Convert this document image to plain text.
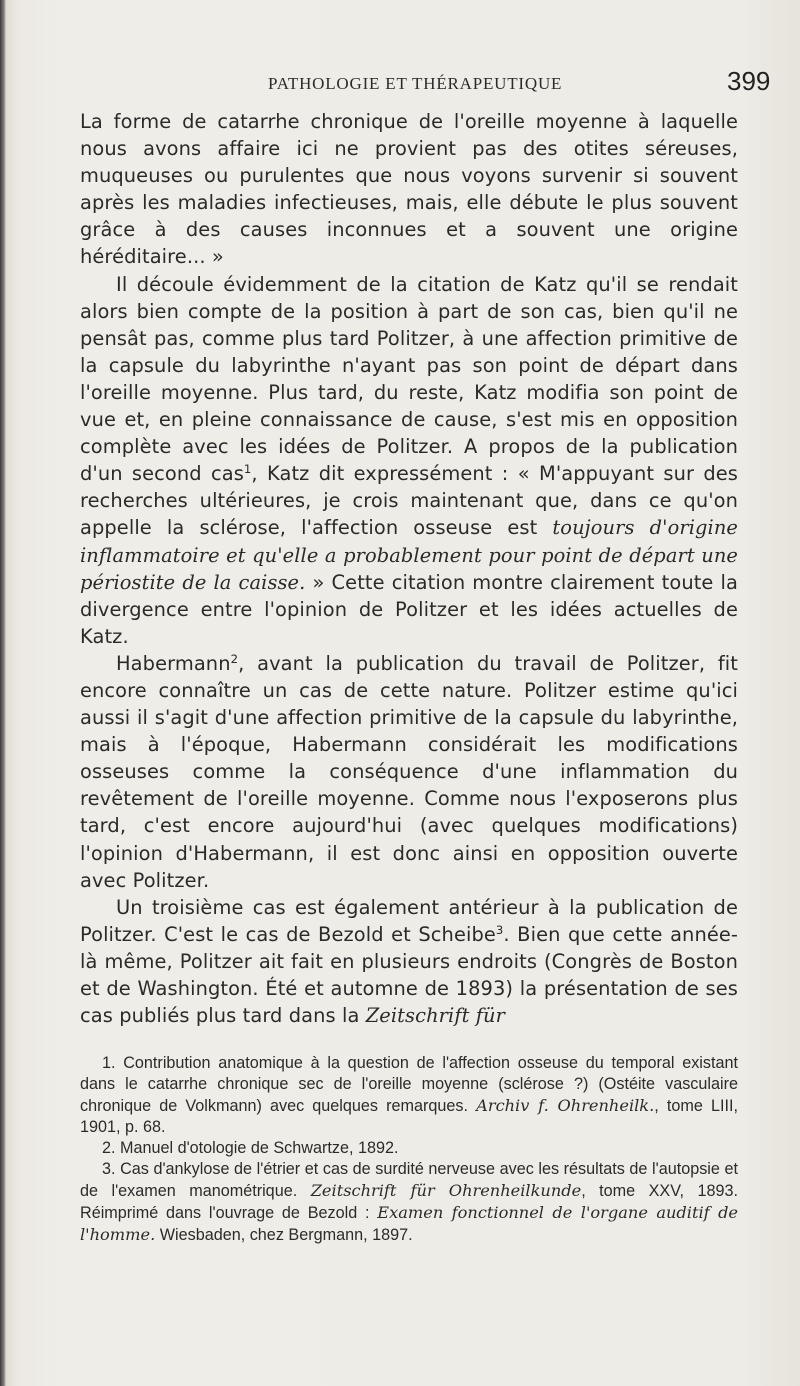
PATHOLOGIE ET THÉRAPEUTIQUE	399

La forme de catarrhe chronique de l'oreille moyenne à laquelle nous avons affaire ici ne provient pas des otites séreuses, muqueuses ou purulentes que nous voyons survenir si souvent après les maladies infectieuses, mais, elle débute le plus souvent grâce à des causes inconnues et a souvent une origine héréditaire... »

Il découle évidemment de la citation de Katz qu'il se rendait alors bien compte de la position à part de son cas, bien qu'il ne pensât pas, comme plus tard Politzer, à une affection primitive de la capsule du labyrinthe n'ayant pas son point de départ dans l'oreille moyenne. Plus tard, du reste, Katz modifia son point de vue et, en pleine connaissance de cause, s'est mis en opposition complète avec les idées de Politzer. A propos de la publication d'un second cas$^1$, Katz dit expressément : « M'appuyant sur des recherches ultérieures, je crois maintenant que, dans ce qu'on appelle la sclérose, l'affection osseuse est toujours d'origine inflammatoire et qu'elle a probablement pour point de départ une périostite de la caisse. » Cette citation montre clairement toute la divergence entre l'opinion de Politzer et les idées actuelles de Katz.

Habermann$^2$, avant la publication du travail de Politzer, fit encore connaître un cas de cette nature. Politzer estime qu'ici aussi il s'agit d'une affection primitive de la capsule du labyrinthe, mais à l'époque, Habermann considérait les modifications osseuses comme la conséquence d'une inflammation du revêtement de l'oreille moyenne. Comme nous l'exposerons plus tard, c'est encore aujourd'hui (avec quelques modifications) l'opinion d'Habermann, il est donc ainsi en opposition ouverte avec Politzer.

Un troisième cas est également antérieur à la publication de Politzer. C'est le cas de Bezold et Scheibe$^3$. Bien que cette année-là même, Politzer ait fait en plusieurs endroits (Congrès de Boston et de Washington. Été et automne de 1893) la présentation de ses cas publiés plus tard dans la Zeitschrift für

1. Contribution anatomique à la question de l'affection osseuse du temporal existant dans le catarrhe chronique sec de l'oreille moyenne (sclérose ?) (Ostéite vasculaire chronique de Volkmann) avec quelques remarques. Archiv f. Ohrenheilk., tome LIII, 1901, p. 68.

2. Manuel d'otologie de Schwartze, 1892.

3. Cas d'ankylose de l'étrier et cas de surdité nerveuse avec les résultats de l'autopsie et de l'examen manométrique. Zeitschrift für Ohrenheilkunde, tome XXV, 1893. Réimprimé dans l'ouvrage de Bezold : Examen fonctionnel de l'organe auditif de l'homme. Wiesbaden, chez Bergmann, 1897.
